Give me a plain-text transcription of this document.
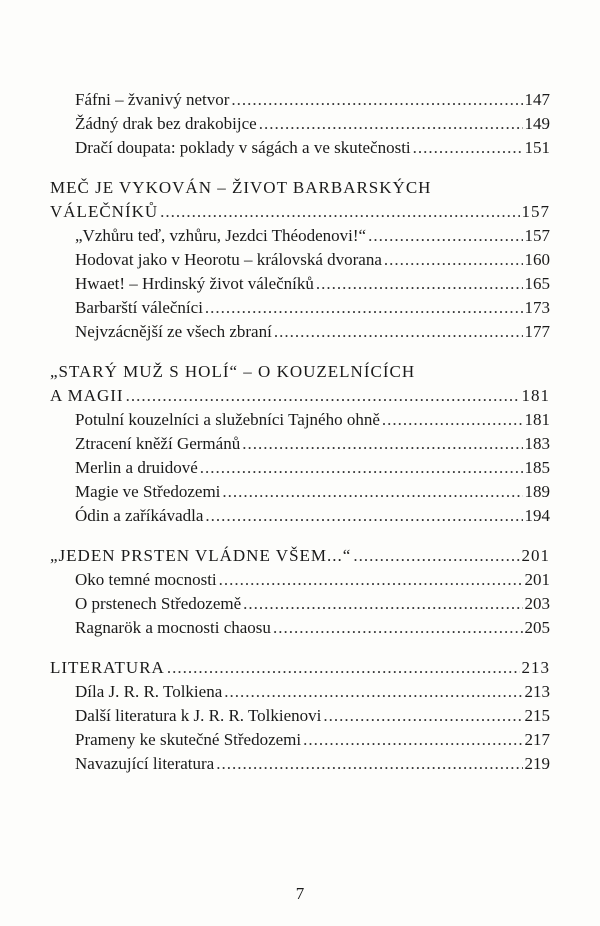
Fáfni – žvanivý netvor .....	147
Žádný drak bez drakobijce .....	149
Dračí doupata: poklady v ságách a ve skutečnosti .....	151
MEČ JE VYKOVÁN – ŽIVOT BARBARSKÝCH
VÁLEČNÍKŮ .....	157
„Vzhůru teď, vzhůru, Jezdci Théodenovi!“ .....	157
Hodovat jako v Heorotu – královská dvorana .....	160
Hwaet! – Hrdinský život válečníků .....	165
Barbarští válečníci .....	173
Nejvzácnější ze všech zbraní .....	177
„STARÝ MUŽ S HOLÍ“ – O KOUZELNÍCÍCH
A MAGII .....	181
Potulní kouzelníci a služebníci Tajného ohně .....	181
Ztracení kněží Germánů .....	183
Merlin a druidové .....	185
Magie ve Středozemi .....	189
Ódin a zaříkávadla .....	194
„JEDEN PRSTEN VLÁDNE VŠEM...“ .....	201
Oko temné mocnosti .....	201
O prstenech Středozemě .....	203
Ragnarök a mocnosti chaosu .....	205
LITERATURA .....	213
Díla J. R. R. Tolkiena .....	213
Další literatura k J. R. R. Tolkienovi .....	215
Prameny ke skutečné Středozemi .....	217
Navazující literatura .....	219
7
